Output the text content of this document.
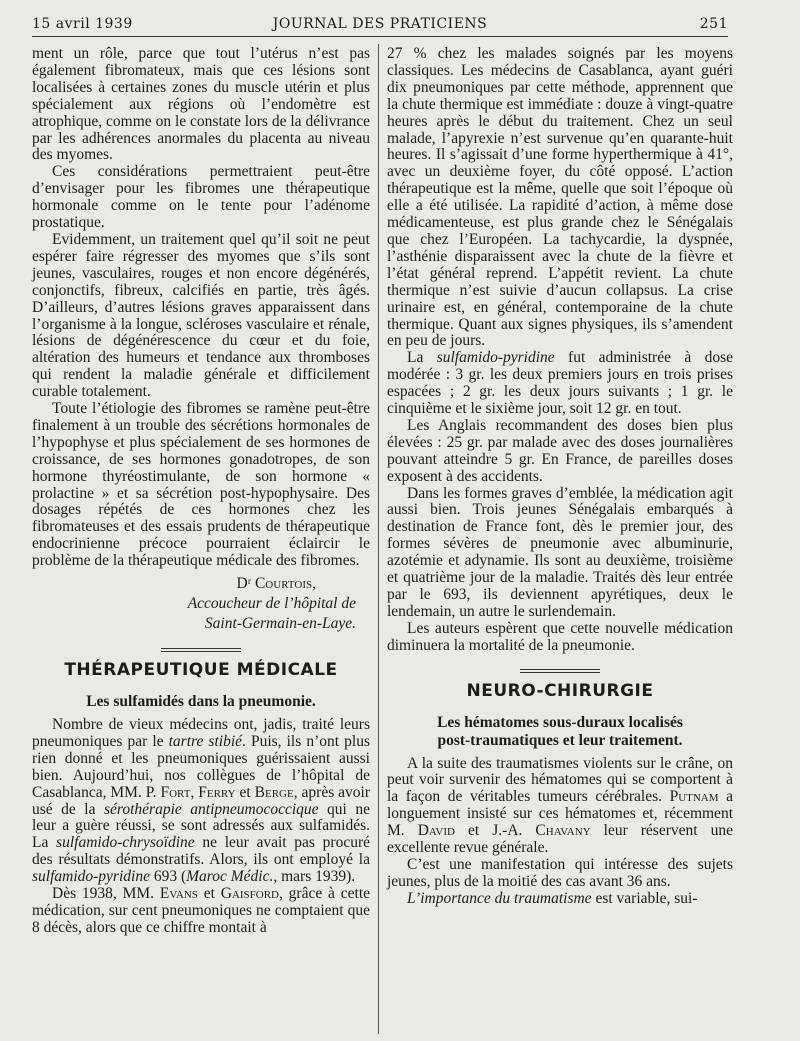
15 avril 1939	JOURNAL DES PRATICIENS	251

ment un rôle, parce que tout l’utérus n’est pas également fibromateux, mais que ces lésions sont localisées à certaines zones du muscle utérin et plus spécialement aux régions où l’endomètre est atrophique, comme on le constate lors de la délivrance par les adhérences anormales du placenta au niveau des myomes.

Ces considérations permettraient peut-être d’envisager pour les fibromes une thérapeutique hormonale comme on le tente pour l’adénome prostatique.

Evidemment, un traitement quel qu’il soit ne peut espérer faire régresser des myomes que s’ils sont jeunes, vasculaires, rouges et non encore dégénérés, conjonctifs, fibreux, calcifiés en partie, très âgés. D’ailleurs, d’autres lésions graves apparaissent dans l’organisme à la longue, scléroses vasculaire et rénale, lésions de dégénérescence du cœur et du foie, altération des humeurs et tendance aux thromboses qui rendent la maladie générale et difficilement curable totalement.

Toute l’étiologie des fibromes se ramène peut-être finalement à un trouble des sécrétions hormonales de l’hypophyse et plus spécialement de ses hormones de croissance, de ses hormones gonadotropes, de son hormone thyréostimulante, de son hormone « prolactine » et sa sécrétion post-hypophysaire. Des dosages répétés de ces hormones chez les fibromateuses et des essais prudents de thérapeutique endocrinienne précoce pourraient éclaircir le problème de la thérapeutique médicale des fibromes.

Dʳ Courtois,
Accoucheur de l’hôpital de
Saint-Germain-en-Laye.
THÉRAPEUTIQUE MÉDICALE
Les sulfamidés dans la pneumonie.

Nombre de vieux médecins ont, jadis, traité leurs pneumoniques par le tartre stibié. Puis, ils n’ont plus rien donné et les pneumoniques guérissaient aussi bien. Aujourd’hui, nos collègues de l’hôpital de Casablanca, MM. P. Fort, Ferry et Berge, après avoir usé de la sérothérapie antipneumococcique qui ne leur a guère réussi, se sont adressés aux sulfamidés. La sulfamido-chrysoïdine ne leur avait pas procuré des résultats démonstratifs. Alors, ils ont employé la sulfamido-pyridine 693 (Maroc Médic., mars 1939).

Dès 1938, MM. Evans et Gaisford, grâce à cette médication, sur cent pneumoniques ne comptaient que 8 décès, alors que ce chiffre montait à

27 % chez les malades soignés par les moyens classiques. Les médecins de Casablanca, ayant guéri dix pneumoniques par cette méthode, apprennent que la chute thermique est immédiate : douze à vingt-quatre heures après le début du traitement. Chez un seul malade, l’apyrexie n’est survenue qu’en quarante-huit heures. Il s’agissait d’une forme hyperthermique à 41°, avec un deuxième foyer, du côté opposé. L’action thérapeutique est la même, quelle que soit l’époque où elle a été utilisée. La rapidité d’action, à même dose médicamenteuse, est plus grande chez le Sénégalais que chez l’Européen. La tachycardie, la dyspnée, l’asthénie disparaissent avec la chute de la fièvre et l’état général reprend. L’appétit revient. La chute thermique n’est suivie d’aucun collapsus. La crise urinaire est, en général, contemporaine de la chute thermique. Quant aux signes physiques, ils s’amendent en peu de jours.

La sulfamido-pyridine fut administrée à dose modérée : 3 gr. les deux premiers jours en trois prises espacées ; 2 gr. les deux jours suivants ; 1 gr. le cinquième et le sixième jour, soit 12 gr. en tout.

Les Anglais recommandent des doses bien plus élevées : 25 gr. par malade avec des doses journalières pouvant atteindre 5 gr. En France, de pareilles doses exposent à des accidents.

Dans les formes graves d’emblée, la médication agit aussi bien. Trois jeunes Sénégalais embarqués à destination de France font, dès le premier jour, des formes sévères de pneumonie avec albuminurie, azotémie et adynamie. Ils sont au deuxième, troisième et quatrième jour de la maladie. Traités dès leur entrée par le 693, ils deviennent apyrétiques, deux le lendemain, un autre le surlendemain.

Les auteurs espèrent que cette nouvelle médication diminuera la mortalité de la pneumonie.

NEURO-CHIRURGIE
Les hématomes sous-duraux localisés
post-traumatiques et leur traitement.

A la suite des traumatismes violents sur le crâne, on peut voir survenir des hématomes qui se comportent à la façon de véritables tumeurs cérébrales. Putnam a longuement insisté sur ces hématomes et, récemment M. David et J.-A. Chavany leur réservent une excellente revue générale.

C’est une manifestation qui intéresse des sujets jeunes, plus de la moitié des cas avant 36 ans.

L’importance du traumatisme est variable, sui-
